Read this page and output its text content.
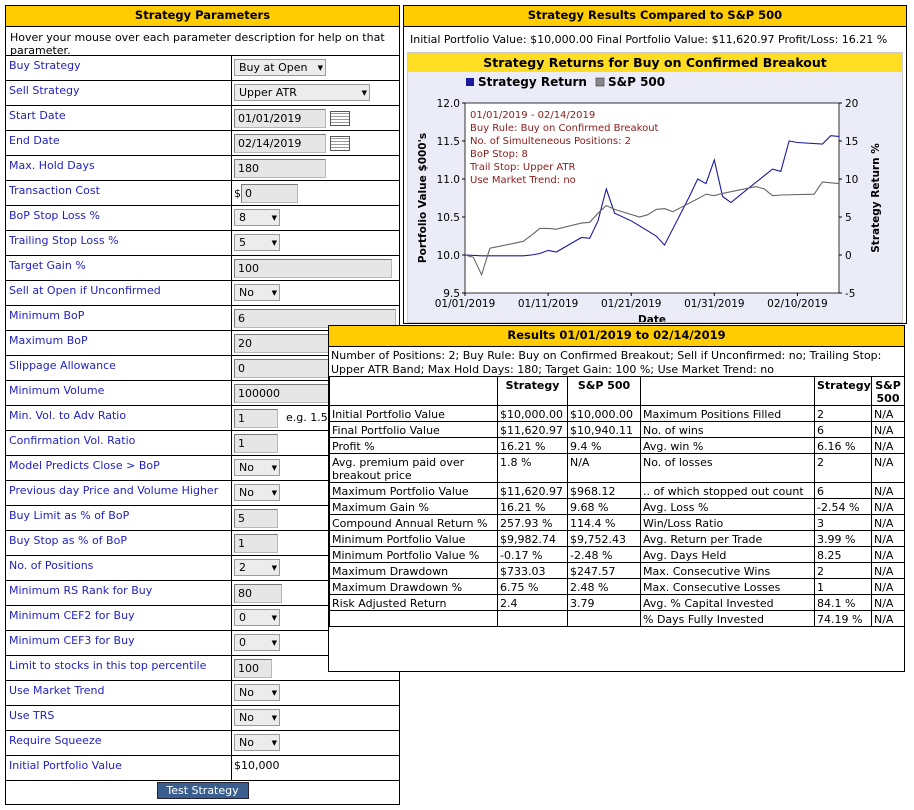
Strategy Parameters
Hover your mouse over each parameter description for help on that parameter.
Buy Strategy	Buy at Open ▼
Sell Strategy	Upper ATR	▼
Start Date	01/01/2019
End Date	02/14/2019
Max. Hold Days	180
Transaction Cost	$ 0
BoP Stop Loss %	8	▼
Trailing Stop Loss %	5	▼
Target Gain %	100
Sell at Open if Unconfirmed	No	▼
Minimum BoP	6
Maximum BoP	20
Slippage Allowance	0
Minimum Volume	100000
Min. Vol. to Adv Ratio	1	e.g. 1.5
Confirmation Vol. Ratio	1
Model Predicts Close > BoP	No	▼
Previous day Price and Volume Higher	No	▼
Buy Limit as % of BoP	5
Buy Stop as % of BoP	1
No. of Positions	2	▼
Minimum RS Rank for Buy	80
Minimum CEF2 for Buy	0	▼
Minimum CEF3 for Buy	0	▼
Limit to stocks in this top percentile	100
Use Market Trend	No	▼
Use TRS	No	▼
Require Squeeze	No	▼
Initial Portfolio Value	$10,000
Test Strategy
Strategy Results Compared to S&P 500
Initial Portfolio Value: $10,000.00 Final Portfolio Value: $11,620.97 Profit/Loss: 16.21 %
Strategy Returns for Buy on Confirmed Breakout
9.5
10.0
10.5
11.0
11.5
12.0
-5
0
5
10
15
20
01/01/2019 01/11/2019 01/21/2019 01/31/2019 02/10/2019
Date
Portfolio Value $000's	Strategy Return %
Strategy Return S&P 500
01/01/2019 - 02/14/2019
Buy Rule: Buy on Confirmed Breakout
No. of Simulteneous Positions: 2
BoP Stop: 8
Trail Stop: Upper ATR
Use Market Trend: no
Results 01/01/2019 to 02/14/2019
Number of Positions: 2; Buy Rule: Buy on Confirmed Breakout; Sell if Unconfirmed: no; Trailing Stop: Upper ATR Band; Max Hold Days: 180; Target Gain: 100 %; Use Market Trend: no
	Strategy	S&P 500		Strategy	S&P 500
Initial Portfolio Value	$10,000.00	$10,000.00	Maximum Positions Filled	2	N/A
Final Portfolio Value	$11,620.97	$10,940.11	No. of wins	6	N/A
Profit %	16.21 %	9.4 %	Avg. win %	6.16 %	N/A
Avg. premium paid over breakout price	1.8 %	N/A	No. of losses	2	N/A
Maximum Portfolio Value	$11,620.97	$968.12	.. of which stopped out count	6	N/A
Maximum Gain %	16.21 %	9.68 %	Avg. Loss %	-2.54 %	N/A
Compound Annual Return %	257.93 %	114.4 %	Win/Loss Ratio	3	N/A
Minimum Portfolio Value	$9,982.74	$9,752.43	Avg. Return per Trade	3.99 %	N/A
Minimum Portfolio Value %	-0.17 %	-2.48 %	Avg. Days Held	8.25	N/A
Maximum Drawdown	$733.03	$247.57	Max. Consecutive Wins	2	N/A
Maximum Drawdown %	6.75 %	2.48 %	Max. Consecutive Losses	1	N/A
Risk Adjusted Return	2.4	3.79	Avg. % Capital Invested	84.1 %	N/A
			% Days Fully Invested	74.19 %	N/A
